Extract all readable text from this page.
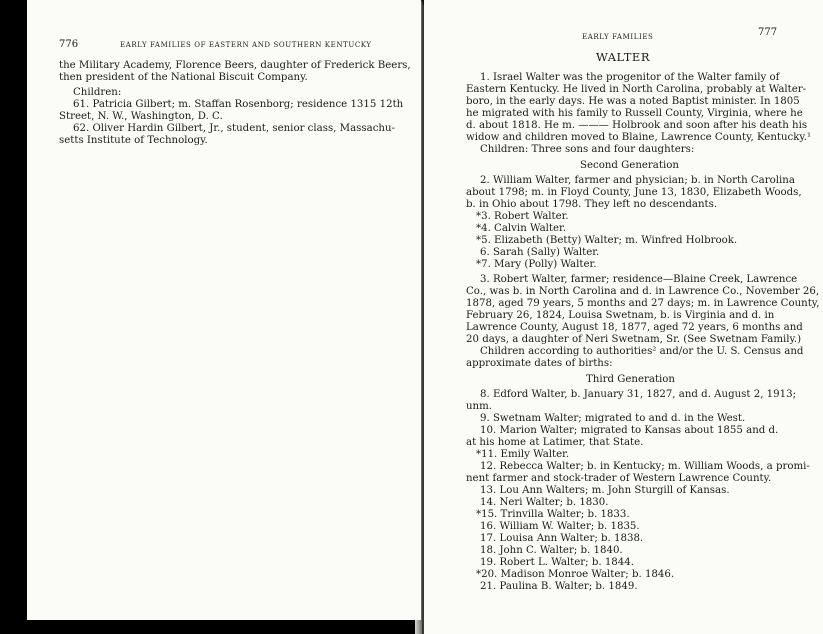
776	EARLY FAMILIES OF EASTERN AND SOUTHERN KENTUCKY
the Military Academy, Florence Beers, daughter of Frederick Beers,
then president of the National Biscuit Company.
Children:
61. Patricia Gilbert; m. Staffan Rosenborg; residence 1315 12th
Street, N. W., Washington, D. C.
62. Oliver Hardin Gilbert, Jr., student, senior class, Massachu-
setts Institute of Technology.
EARLY FAMILIES	777
WALTER
1. Israel Walter was the progenitor of the Walter family of
Eastern Kentucky. He lived in North Carolina, probably at Walter-
boro, in the early days. He was a noted Baptist minister. In 1805
he migrated with his family to Russell County, Virginia, where he
d. about 1818. He m. ——— Holbrook and soon after his death his
widow and children moved to Blaine, Lawrence County, Kentucky.¹
Children: Three sons and four daughters:
Second Generation
2. William Walter, farmer and physician; b. in North Carolina
about 1798; m. in Floyd County, June 13, 1830, Elizabeth Woods,
b. in Ohio about 1798. They left no descendants.
*3. Robert Walter.
*4. Calvin Walter.
*5. Elizabeth (Betty) Walter; m. Winfred Holbrook.
6. Sarah (Sally) Walter.
*7. Mary (Polly) Walter.
3. Robert Walter, farmer; residence—Blaine Creek, Lawrence
Co., was b. in North Carolina and d. in Lawrence Co., November 26,
1878, aged 79 years, 5 months and 27 days; m. in Lawrence County,
February 26, 1824, Louisa Swetnam, b. is Virginia and d. in
Lawrence County, August 18, 1877, aged 72 years, 6 months and
20 days, a daughter of Neri Swetnam, Sr. (See Swetnam Family.)
Children according to authorities² and/or the U. S. Census and
approximate dates of births:
Third Generation
8. Edford Walter, b. January 31, 1827, and d. August 2, 1913;
unm.
9. Swetnam Walter; migrated to and d. in the West.
10. Marion Walter; migrated to Kansas about 1855 and d.
at his home at Latimer, that State.
*11. Emily Walter.
12. Rebecca Walter; b. in Kentucky; m. William Woods, a promi-
nent farmer and stock-trader of Western Lawrence County.
13. Lou Ann Walters; m. John Sturgill of Kansas.
14. Neri Walter; b. 1830.
*15. Trinvilla Walter; b. 1833.
16. William W. Walter; b. 1835.
17. Louisa Ann Walter; b. 1838.
18. John C. Walter; b. 1840.
19. Robert L. Walter; b. 1844.
*20. Madison Monroe Walter; b. 1846.
21. Paulina B. Walter; b. 1849.
